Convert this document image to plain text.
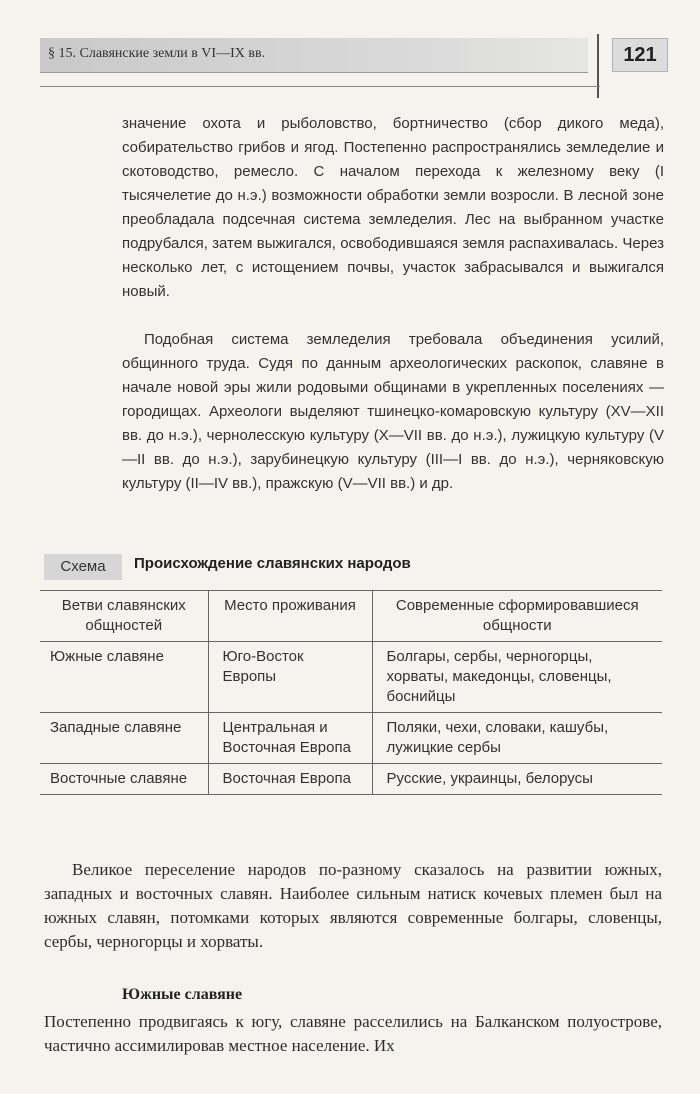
§ 15. Славянские земли в VI—IX вв.	121

значение охота и рыболовство, бортничество (сбор дикого меда), собирательство грибов и ягод. Постепенно распространялись земледелие и скотоводство, ремесло. С началом перехода к железному веку (I тысячелетие до н.э.) возможности обработки земли возросли. В лесной зоне преобладала подсечная система земледелия. Лес на выбранном участке подрубался, затем выжигался, освободившаяся земля распахивалась. Через несколько лет, с истощением почвы, участок забрасывался и выжигался новый.

Подобная система земледелия требовала объединения усилий, общинного труда. Судя по данным археологических раскопок, славяне в начале новой эры жили родовыми общинами в укрепленных поселениях — городищах. Археологи выделяют тшинецко-комаровскую культуру (XV—XII вв. до н.э.), чернолесскую культуру (X—VII вв. до н.э.), лужицкую культуру (V—II вв. до н.э.), зарубинецкую культуру (III—I вв. до н.э.), черняковскую культуру (II—IV вв.), пражскую (V—VII вв.) и др.

Схема	Происхождение славянских народов
Ветви славянских общностей	Место проживания	Современные сформировавшиеся общности
Южные славяне	Юго-Восток Европы	Болгары, сербы, черногорцы, хорваты, македонцы, словенцы, боснийцы
Западные славяне	Центральная и Восточная Европа	Поляки, чехи, словаки, кашубы, лужицкие сербы
Восточные славяне	Восточная Европа	Русские, украинцы, белорусы

Великое переселение народов по-разному сказалось на развитии южных, западных и восточных славян. Наиболее сильным натиск кочевых племен был на южных славян, потомками которых являются современные болгары, словенцы, сербы, черногорцы и хорваты.

Южные славяне

Постепенно продвигаясь к югу, славяне расселились на Балканском полуострове, частично ассимилировав местное население. Их
